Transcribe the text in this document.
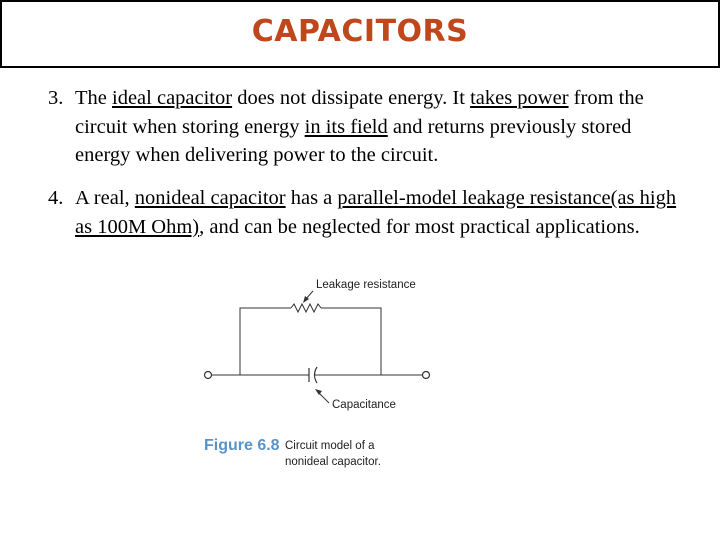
CAPACITORS
3. The ideal capacitor does not dissipate energy. It takes power from the circuit when storing energy in its field and returns previously stored energy when delivering power to the circuit.
4. A real, nonideal capacitor has a parallel-model leakage resistance(as high as 100M Ohm), and can be neglected for most practical applications.
Leakage resistance
Capacitance
Figure 6.8 Circuit model of a
nonideal capacitor.
